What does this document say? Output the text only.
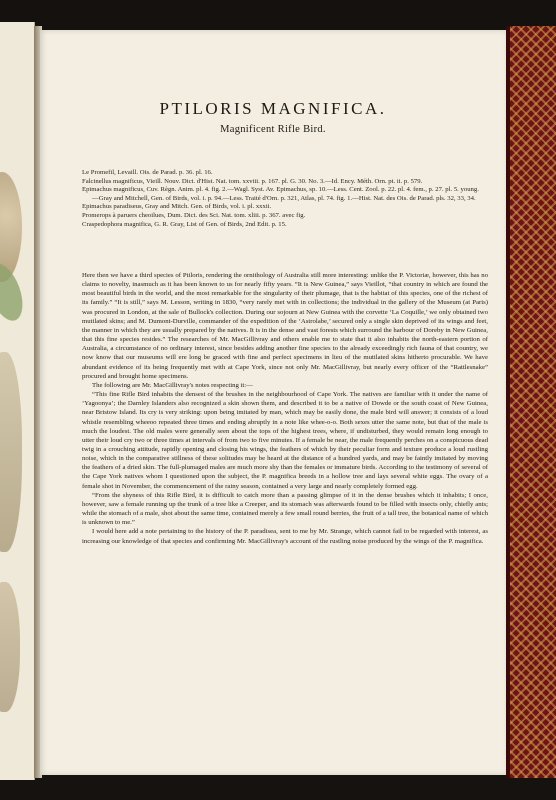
PTILORIS MAGNIFICA.
Magnificent Rifle Bird.

Le Promefil, Levaill. Ois. de Parad. p. 36. pl. 16.

Falcinellus magnificus, Vieill. Nouv. Dict. d'Hist. Nat. tom. xxviii. p. 167. pl. G. 30. No. 3.—Id. Ency. Méth. Orn. pt. ii. p. 579.

Epimachus magnificus, Cuv. Règn. Anim. pl. 4. fig. 2.—Wagl. Syst. Av. Epimachus, sp. 10.—Less. Cent. Zool. p. 22. pl. 4. fem., p. 27. pl. 5. young.—Gray and Mitchell, Gen. of Birds, vol. i. p. 94.—Less. Traité d'Orn. p. 321, Atlas, pl. 74. fig. 1.—Hist. Nat. des Ois. de Parad. pls. 32, 33, 34.

Epimachus paradiseus, Gray and Mitch. Gen. of Birds, vol. i. pl. xxxii.

Promerops à paruers cheoilues, Dum. Dict. des Sci. Nat. tom. xliii. p. 367. avec fig.

Craspedophora magnifica, G. R. Gray, List of Gen. of Birds, 2nd Edit. p. 15.

Here then we have a third species of Ptiloris, rendering the ornithology of Australia still more interesting: unlike the P. Victoriæ, however, this has no claims to novelty, inasmuch as it has been known to us for nearly fifty years. “It is New Guinea,” says Vieillot, “that country in which are found the most beautiful birds in the world, and the most remarkable for the singularity of their plumage, that is the habitat of this species, one of the richest of its family.” “It is still,” says M. Lesson, writing in 1830, “very rarely met with in collections; the individual in the gallery of the Museum (at Paris) was procured in London, at the sale of Bullock's collection. During our sojourn at New Guinea with the corvette ‘La Coquille,’ we only obtained two mutilated skins; and M. Dumont-Durville, commander of the expedition of the ‘Astrolabe,’ secured only a single skin deprived of its wings and feet, the manner in which they are usually prepared by the natives. It is in the dense and vast forests which surround the harbour of Doreby in New Guinea, that this fine species resides.” The researches of Mr. MacGillivray and others enable me to state that it also inhabits the north-eastern portion of Australia, a circumstance of no ordinary interest, since besides adding another fine species to the already exceedingly rich fauna of that country, we now know that our museums will ere long be graced with fine and perfect specimens in lieu of the mutilated skins hitherto procurable. We have abundant evidence of its being frequently met with at Cape York, since not only Mr. MacGillivray, but nearly every officer of the “Rattlesnake” procured and brought home specimens.

The following are Mr. MacGillivray's notes respecting it:—

“This fine Rifle Bird inhabits the densest of the brushes in the neighbourhood of Cape York. The natives are familiar with it under the name of ‘Yagoonya’; the Darnley Islanders also recognized a skin shown them, and described it to be a native of Dowde or the south coast of New Guinea, near Bristow Island. Its cry is very striking: upon being imitated by man, which may be easily done, the male bird will answer; it consists of a loud whistle resembling wheeoo repeated three times and ending abruptly in a note like whee-o-o. Both sexes utter the same note, but that of the male is much the loudest. The old males were generally seen about the tops of the highest trees, where, if undisturbed, they would remain long enough to utter their loud cry two or three times at intervals of from two to five minutes. If a female be near, the male frequently perches on a conspicuous dead twig in a crouching attitude, rapidly opening and closing his wings, the feathers of which by their peculiar form and texture produce a loud rustling noise, which in the comparative stillness of these solitudes may be heard at the distance of a hundred yards, and may be faintly imitated by moving the feathers of a dried skin. The full-plumaged males are much more shy than the females or immature birds. According to the testimony of several of the Cape York natives whom I questioned upon the subject, the P. magnifica breeds in a hollow tree and lays several white eggs. The ovary of a female shot in November, the commencement of the rainy season, contained a very large and nearly completely formed egg.

“From the shyness of this Rifle Bird, it is difficult to catch more than a passing glimpse of it in the dense brushes which it inhabits; I once, however, saw a female running up the trunk of a tree like a Creeper, and its stomach was afterwards found to be filled with insects only, chiefly ants; while the stomach of a male, shot about the same time, contained merely a few small round berries, the fruit of a tall tree, the botanical name of which is unknown to me.”

I would here add a note pertaining to the history of the P. paradisea, sent to me by Mr. Strange, which cannot fail to be regarded with interest, as increasing our knowledge of that species and confirming Mr. MacGillivray's account of the rustling noise produced by the wings of the P. magnifica.
